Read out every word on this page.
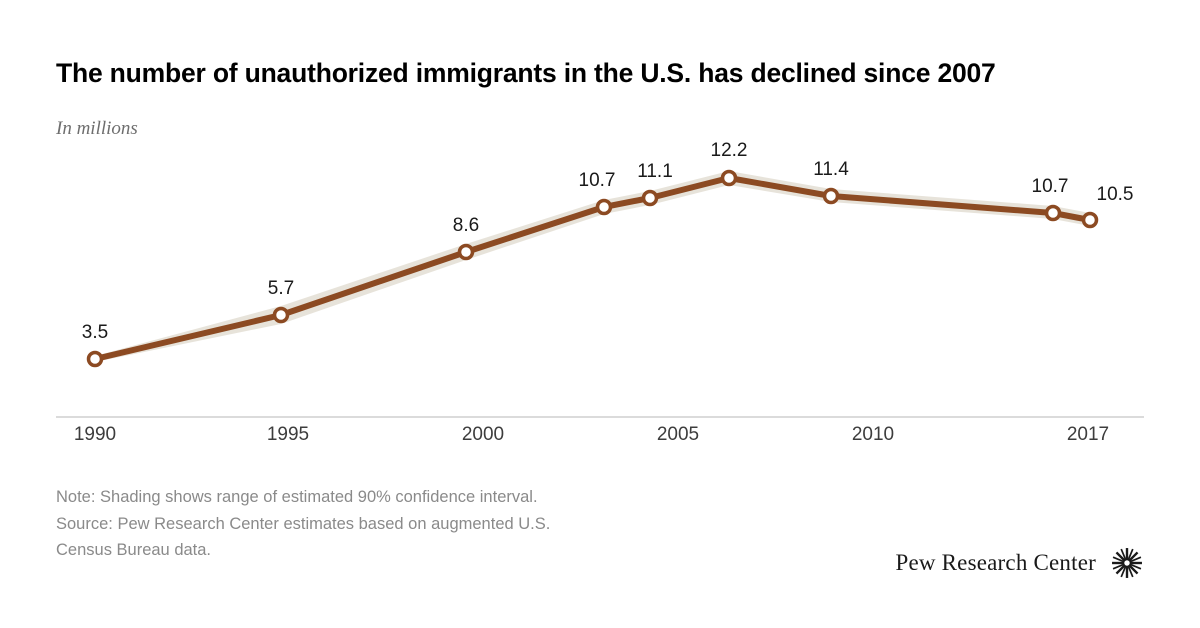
The number of unauthorized immigrants in the U.S. has declined since 2007
In millions
3.5
5.7
8.6
10.7 11.1
12.2
11.4
10.7 10.5
1990	1995	2000	2005	2010	2017
Note: Shading shows range of estimated 90% confidence interval.
Source: Pew Research Center estimates based on augmented U.S.
Census Bureau data.	Pew Research Center
